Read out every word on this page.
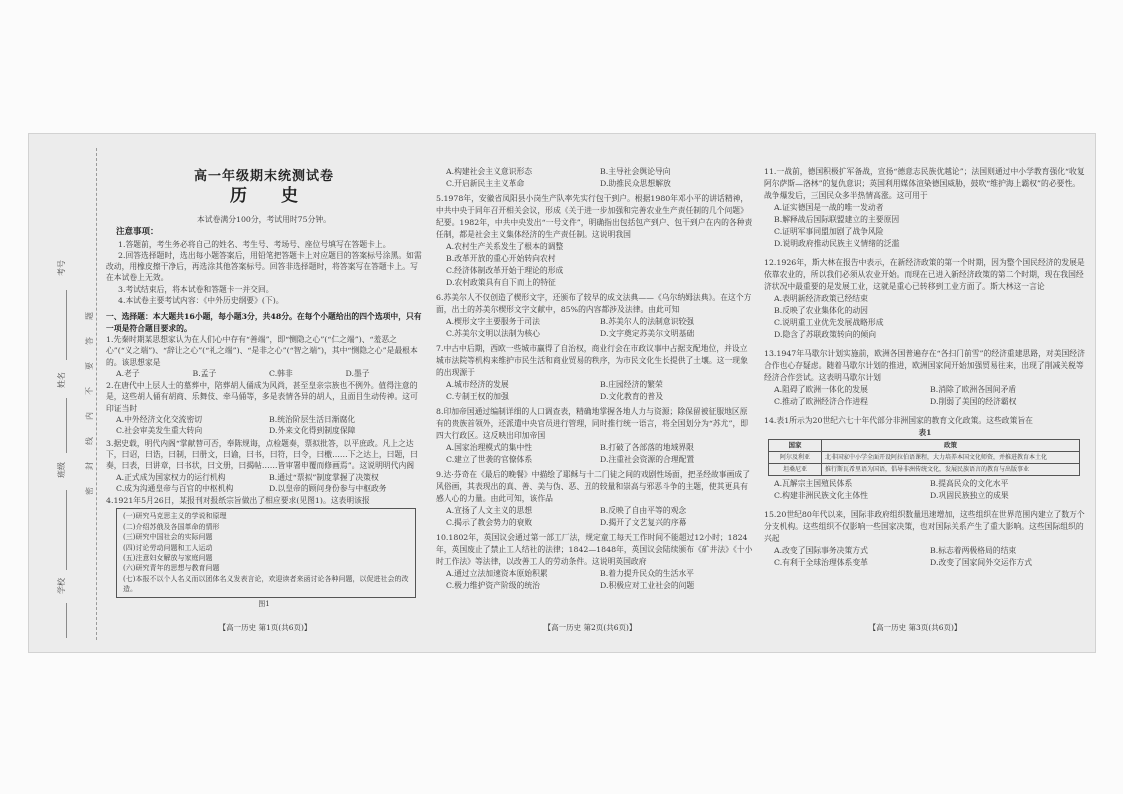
考号
姓名
班级
学校
密封线内不要答题
高一年级期末统测试卷
历 史
本试卷满分100分，考试用时75分钟。
注意事项：
1.答题前，考生务必将自己的姓名、考生号、考场号、座位号填写在答题卡上。
2.回答选择题时，选出每小题答案后，用铅笔把答题卡上对应题目的答案标号涂黑。如需改动，用橡皮擦干净后，再选涂其他答案标号。回答非选择题时，将答案写在答题卡上。写在本试卷上无效。
3.考试结束后，将本试卷和答题卡一并交回。
4.本试卷主要考试内容：《中外历史纲要》(下)。
一、选择题：本大题共16小题，每小题3分，共48分。在每个小题给出的四个选项中，只有一项是符合题目要求的。
1.先秦时期某思想家认为在人们心中存有“善端”，即“恻隐之心”(“仁之端”)、“羞恶之心”(“义之端”)、“辞让之心”(“礼之端”)、“是非之心”(“智之端”)，其中“恻隐之心”是最根本的。该思想家是
A.老子	B.孟子	C.韩非	D.墨子
2.在唐代中上层人士的墓葬中，陪葬胡人俑成为风尚，甚至皇亲宗族也不例外。值得注意的是，这些胡人俑有胡商、乐舞伎、牵马俑等，多是表情各异的胡人，且面目生动传神。这可印证当时
A.中外经济文化交流密切	B.统治阶层生活日渐腐化
C.社会审美发生重大转向	D.外来文化得到制度保障
3.据史载，明代内阁“掌献替可否，奉陈规诲，点检题奏，票拟批答，以平庶政。凡上之达下，曰诏，曰诰，曰制，曰册文，曰谕，曰书，曰符，曰令，曰檄……下之达上，曰题，曰奏，曰表，曰讲章，曰书状，曰文册，曰揭帖……皆审署申覆而修画焉”。这说明明代内阁
A.正式成为国家权力的运行机构	B.通过“票拟”制度掌握了决策权
C.成为沟通皇帝与百官的中枢机构	D.以皇帝的顾问身份参与中枢政务
4.1921年5月26日，某报刊对报纸宗旨做出了相应要求(见图1)。这表明该报
(一)研究马克思主义的学说和原理
(二)介绍苏俄及各国革命的情形
(三)研究中国社会的实际问题
(四)讨论劳动问题和工人运动
(五)注意妇女解放与家庭问题
(六)研究青年的思想与教育问题
(七)本报不以个人名义而以团体名义发表言论，欢迎读者来函讨论各种问题，以促进社会的改造。
图1
A.构建社会主义意识形态	B.主导社会舆论导向
C.开启新民主主义革命	D.助推民众思想解放
5.1978年，安徽省凤阳县小岗生产队率先实行包干到户。根据1980年邓小平的讲话精神，中共中央于同年召开相关会议，形成《关于进一步加强和完善农业生产责任制的几个问题》纪要。1982年，中共中央发出“一号文件”，明确指出包括包产到户、包干到户在内的各种责任制，都是社会主义集体经济的生产责任制。这说明我国
A.农村生产关系发生了根本的调整
B.改革开放的重心开始转向农村
C.经济体制改革开始于理论的形成
D.农村政策具有自下而上的特征
6.苏美尔人不仅创造了楔形文字，还颁布了较早的成文法典——《乌尔纳姆法典》。在这个方面，出土的苏美尔楔形文字文献中，85%的内容都涉及法律。由此可知
A.楔形文字主要服务于司法	B.苏美尔人的法制意识较强
C.苏美尔文明以法制为核心	D.文字奠定苏美尔文明基础
7.中古中后期，西欧一些城市赢得了自治权，商业行会在市政议事中占据支配地位，并设立城市法院等机构来维护市民生活和商业贸易的秩序，为市民文化生长提供了土壤。这一现象的出现源于
A.城市经济的发展	B.庄园经济的繁荣
C.专制王权的加强	D.文化教育的普及
8.印加帝国通过编制详细的人口调查表，精确地掌握各地人力与资源；除保留被征服地区原有的贵族首领外，还派遣中央官员进行管理，同时推行统一语言，将全国划分为“苏尤”，即四大行政区。这反映出印加帝国
A.国家治理模式的集中性	B.打破了各部落的地域界限
C.建立了世袭的官僚体系	D.注重社会资源的合理配置
9.达·芬奇在《最后的晚餐》中描绘了耶稣与十二门徒之间的戏剧性场面，把圣经故事画成了风俗画，其表现出的真、善、美与伪、恶、丑的较量和崇高与邪恶斗争的主题，使其更具有感人心的力量。由此可知，该作品
A.宣扬了人文主义的思想	B.反映了自由平等的观念
C.揭示了教会势力的衰败	D.揭开了文艺复兴的序幕
10.1802年，英国议会通过第一部工厂法，规定童工每天工作时间不能超过12小时；1824年，英国废止了禁止工人结社的法律；1842—1848年，英国议会陆续颁布《矿井法》《十小时工作法》等法律，以改善工人的劳动条件。这说明英国政府
A.通过立法加速资本原始积累	B.着力提升民众的生活水平
C.极力维护资产阶级的统治	D.积极应对工业社会的问题
11.一战前，德国积极扩军备战，宣扬“德意志民族优越论”；法国则通过中小学教育强化“收复阿尔萨斯—洛林”的复仇意识；英国利用媒体渲染德国威胁，鼓吹“维护海上霸权”的必要性。战争爆发后，三国民众多半热情高涨。这可用于
A.证实德国是一战的唯一发动者
B.解释战后国际联盟建立的主要原因
C.证明军事同盟加剧了战争风险
D.说明政府推动民族主义情绪的泛滥
12.1926年，斯大林在报告中表示，在新经济政策的第一个时期，因为整个国民经济的发展是依靠农业的，所以我们必须从农业开始。而现在已进入新经济政策的第二个时期，现在我国经济状况中最重要的是发展工业，这就是重心已转移到工业方面了。斯大林这一言论
A.表明新经济政策已经结束
B.反映了农业集体化的动因
C.说明重工业优先发展战略形成
D.隐含了苏联政策转向的倾向
13.1947年马歇尔计划实施前，欧洲各国普遍存在“各扫门前雪”的经济重建思路，对美国经济合作也心存疑虑。随着马歇尔计划的推进，欧洲国家间开始加强贸易往来，出现了削减关税等经济合作尝试。这表明马歇尔计划
A.阻碍了欧洲一体化的发展	B.消除了欧洲各国间矛盾
C.推动了欧洲经济合作进程	D.削弱了美国的经济霸权
14.表1所示为20世纪六七十年代部分非洲国家的教育文化政策。这些政策旨在
表1
国家	政策
阿尔及利亚	北非国家中小学全面开设阿拉伯语课程，大力培养本国文化师资，并推进教育本土化
坦桑尼亚	推行斯瓦希里语为国语，倡导非洲传统文化，发展民族语言的教育与出版事业
A.瓦解宗主国殖民体系	B.提高民众的文化水平
C.构建非洲民族文化主体性	D.巩固民族独立的成果
15.20世纪80年代以来，国际非政府组织数量迅速增加，这些组织在世界范围内建立了数万个分支机构。这些组织不仅影响一些国家决策，也对国际关系产生了重大影响。这些国际组织的兴起
A.改变了国际事务决策方式	B.标志着两极格局的结束
C.有利于全球治理体系变革	D.改变了国家间外交运作方式
【高一历史 第1页(共6页)】	【高一历史 第2页(共6页)】	【高一历史 第3页(共6页)】
